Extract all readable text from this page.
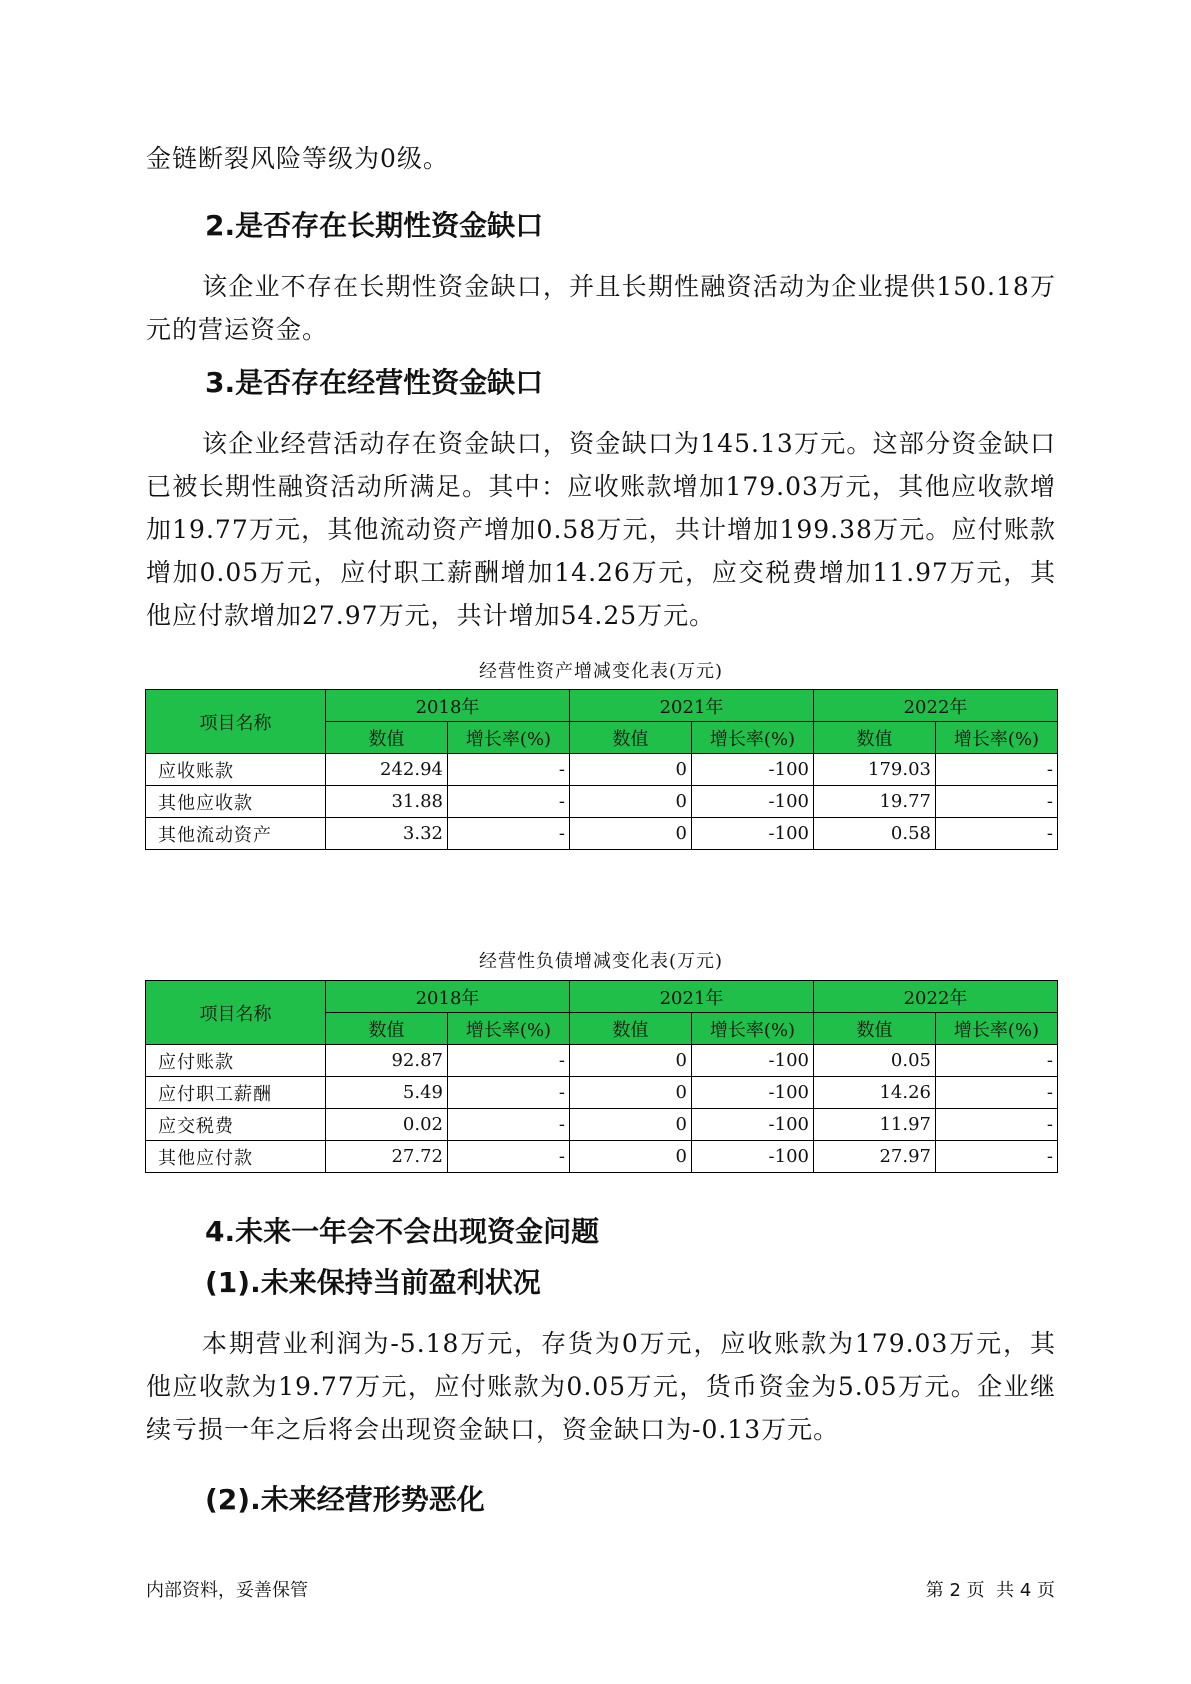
金链断裂风险等级为0级。

2.是否存在长期性资金缺口

该企业不存在长期性资金缺口，并且长期性融资活动为企业提供150.18万元的营运资金。

3.是否存在经营性资金缺口

该企业经营活动存在资金缺口，资金缺口为145.13万元。这部分资金缺口已被长期性融资活动所满足。其中：应收账款增加179.03万元，其他应收款增加19.77万元，其他流动资产增加0.58万元，共计增加199.38万元。应付账款增加0.05万元，应付职工薪酬增加14.26万元，应交税费增加11.97万元，其他应付款增加27.97万元，共计增加54.25万元。

经营性资产增减变化表(万元)
项目名称	2018年		2021年		2022年	
	数值	增长率(%)	数值	增长率(%)	数值	增长率(%)
应收账款	242.94	-	0	-100	179.03	-
其他应收款	31.88	-	0	-100	19.77	-
其他流动资产	3.32	-	0	-100	0.58	-
经营性负债增减变化表(万元)
项目名称	2018年		2021年		2022年	
	数值	增长率(%)	数值	增长率(%)	数值	增长率(%)
应付账款	92.87	-	0	-100	0.05	-
应付职工薪酬	5.49	-	0	-100	14.26	-
应交税费	0.02	-	0	-100	11.97	-
其他应付款	27.72	-	0	-100	27.97	-
4.未来一年会不会出现资金问题
(1).未来保持当前盈利状况

本期营业利润为-5.18万元，存货为0万元，应收账款为179.03万元，其他应收款为19.77万元，应付账款为0.05万元，货币资金为5.05万元。企业继续亏损一年之后将会出现资金缺口，资金缺口为-0.13万元。

(2).未来经营形势恶化
内部资料，妥善保管	第 2 页  共 4 页
